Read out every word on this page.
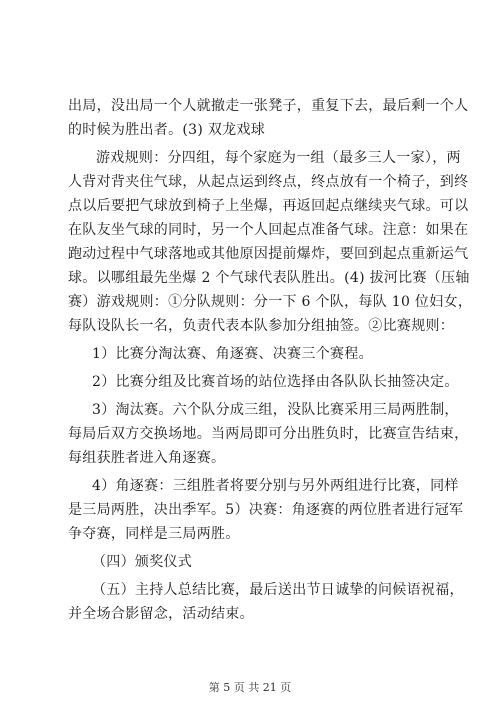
出局，没出局一个人就撤走一张凳子，重复下去，最后剩一个人
的时候为胜出者。(3) 双龙戏球
游戏规则：分四组，每个家庭为一组（最多三人一家），两
人背对背夹住气球，从起点运到终点，终点放有一个椅子，到终
点以后要把气球放到椅子上坐爆，再返回起点继续夹气球。可以
在队友坐气球的同时，另一个人回起点准备气球。注意：如果在
跑动过程中气球落地或其他原因提前爆炸，要回到起点重新运气
球。以哪组最先坐爆 2 个气球代表队胜出。(4) 拔河比赛（压轴
赛）游戏规则：①分队规则：分一下 6 个队，每队 10 位妇女，
每队设队长一名，负责代表本队参加分组抽签。②比赛规则：
1）比赛分淘汰赛、角逐赛、决赛三个赛程。
2）比赛分组及比赛首场的站位选择由各队队长抽签决定。
3）淘汰赛。六个队分成三组，没队比赛采用三局两胜制，
每局后双方交换场地。当两局即可分出胜负时，比赛宣告结束，
每组获胜者进入角逐赛。
4）角逐赛：三组胜者将要分别与另外两组进行比赛，同样
是三局两胜，决出季军。5）决赛：角逐赛的两位胜者进行冠军
争夺赛，同样是三局两胜。
（四）颁奖仪式
（五）主持人总结比赛，最后送出节日诚挚的问候语祝福，
并全场合影留念，活动结束。
第 5 页 共 21 页
